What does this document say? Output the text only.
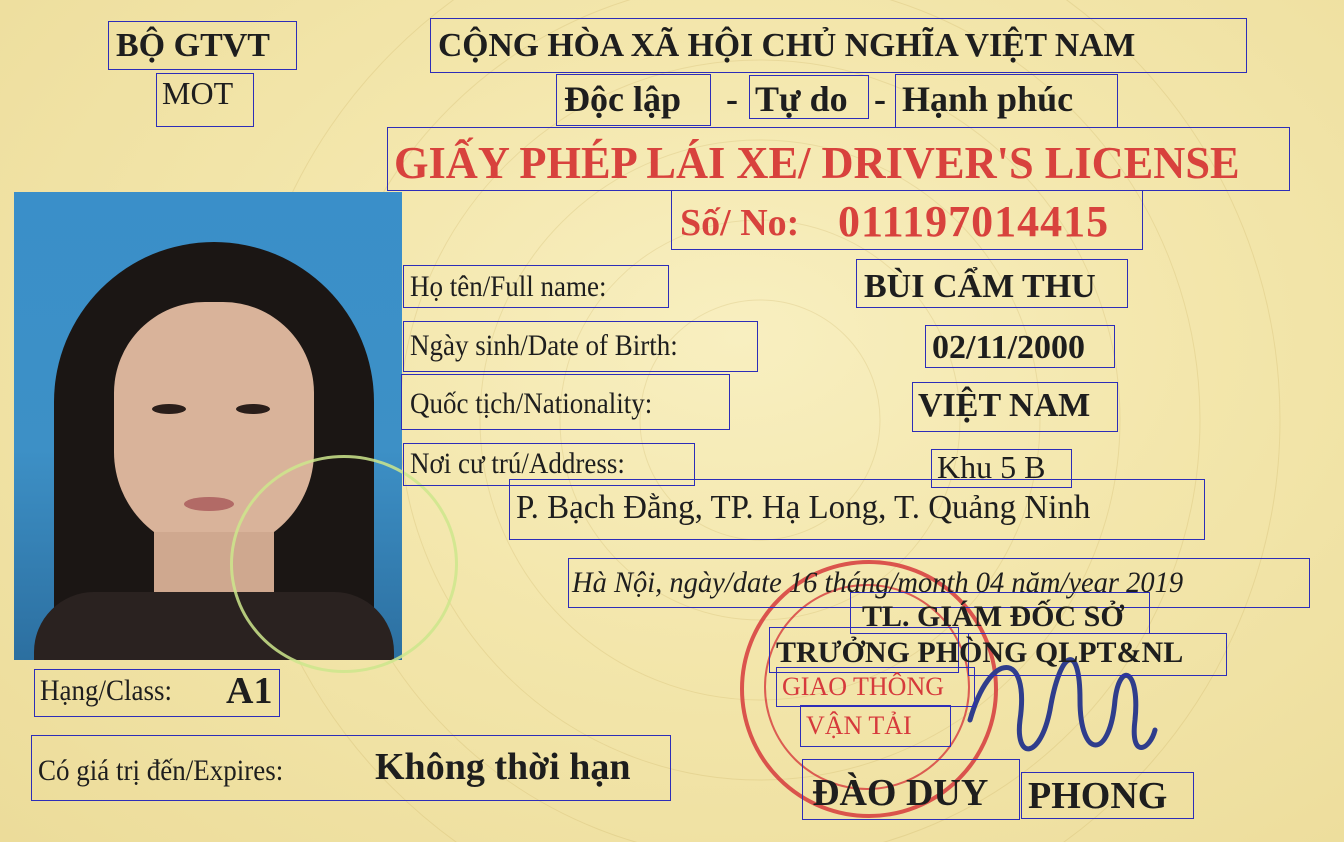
BỘ GTVT
MOT
CỘNG HÒA XÃ HỘI CHỦ NGHĨA VIỆT NAM
Độc lập - Tự do - Hạnh phúc
GIẤY PHÉP LÁI XE/ DRIVER'S LICENSE
Số/ No: 011197014415
Họ tên/Full name:	BÙI CẨM THU
Ngày sinh/Date of Birth:	02/11/2000
Quốc tịch/Nationality:	VIỆT NAM
Nơi cư trú/Address:	Khu 5 B
P. Bạch Đằng, TP. Hạ Long, T. Quảng Ninh
Hà Nội, ngày/date 16 tháng/month 04 năm/year 2019
TL. GIÁM ĐỐC SỞ
TRƯỞNG PHÒNG QLPT&NL
GIAO THÔNG
VẬN TẢI
ĐÀO DUY PHONG
Hạng/Class: A1
Có giá trị đến/Expires: Không thời hạn
